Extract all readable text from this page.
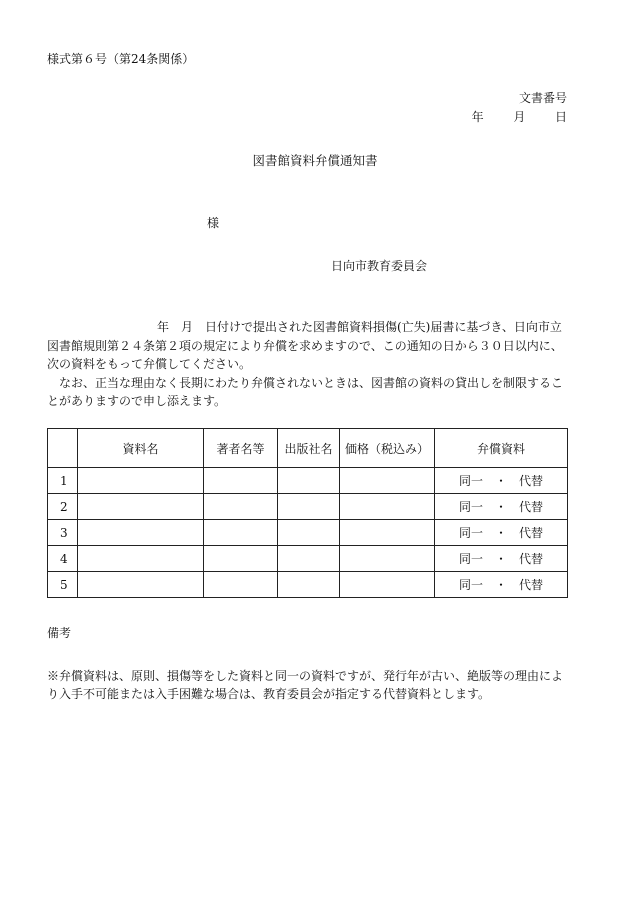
様式第６号（第24条関係）
文書番号
年 月 日
図書館資料弁償通知書
様
日向市教育委員会

年　月　日付けで提出された図書館資料損傷(亡失)届書に基づき、日向市立図書館規則第２４条第２項の規定により弁償を求めますので、この通知の日から３０日以内に、次の資料をもって弁償してください。

なお、正当な理由なく長期にわたり弁償されないときは、図書館の資料の貸出しを制限することがありますので申し添えます。

	資料名	著者名等	出版社名	価格（税込み）	弁償資料
1					同一　・　代替
2					同一　・　代替
3					同一　・　代替
4					同一　・　代替
5					同一　・　代替
備考
※弁償資料は、原則、損傷等をした資料と同一の資料ですが、発行年が古い、絶版等の理由により入手不可能または入手困難な場合は、教育委員会が指定する代替資料とします。
